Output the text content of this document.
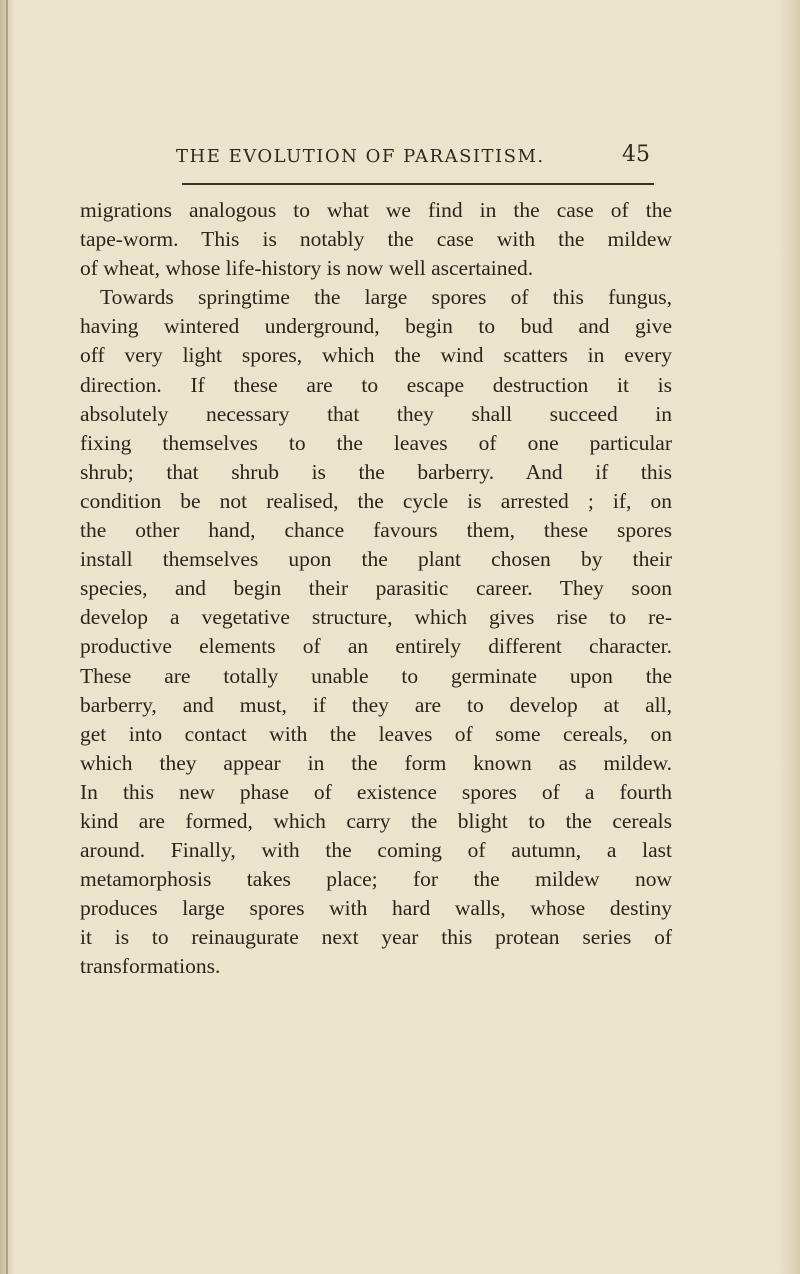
THE EVOLUTION OF PARASITISM.	45
migrations analogous to what we find in the case of the
tape-worm. This is notably the case with the mildew
of wheat, whose life-history is now well ascertained.
Towards springtime the large spores of this fungus,
having wintered underground, begin to bud and give
off very light spores, which the wind scatters in every
direction. If these are to escape destruction it is
absolutely necessary that they shall succeed in
fixing themselves to the leaves of one particular
shrub; that shrub is the barberry. And if this
condition be not realised, the cycle is arrested ; if, on
the other hand, chance favours them, these spores
install themselves upon the plant chosen by their
species, and begin their parasitic career. They soon
develop a vegetative structure, which gives rise to re-
productive elements of an entirely different character.
These are totally unable to germinate upon the
barberry, and must, if they are to develop at all,
get into contact with the leaves of some cereals, on
which they appear in the form known as mildew.
In this new phase of existence spores of a fourth
kind are formed, which carry the blight to the cereals
around. Finally, with the coming of autumn, a last
metamorphosis takes place; for the mildew now
produces large spores with hard walls, whose destiny
it is to reinaugurate next year this protean series of
transformations.
